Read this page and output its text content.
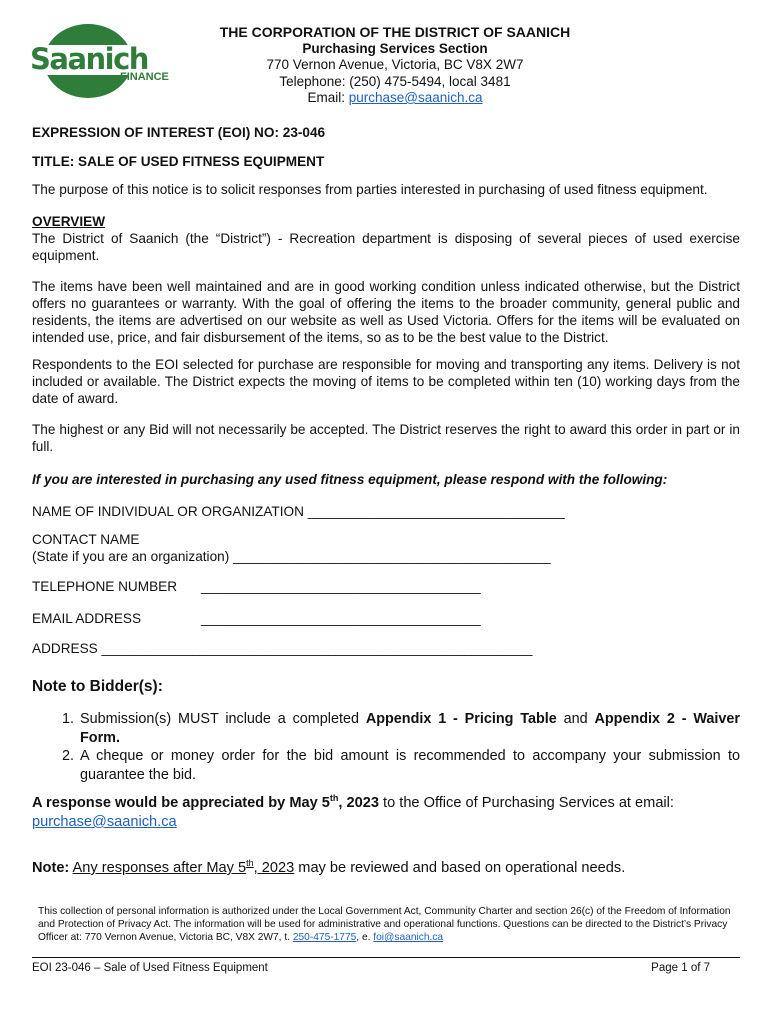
Saanich
FINANCE
THE CORPORATION OF THE DISTRICT OF SAANICH
Purchasing Services Section
770 Vernon Avenue, Victoria, BC V8X 2W7
Telephone: (250) 475-5494, local 3481
Email: purchase@saanich.ca
EXPRESSION OF INTEREST (EOI) NO: 23-046
TITLE: SALE OF USED FITNESS EQUIPMENT
The purpose of this notice is to solicit responses from parties interested in purchasing of used fitness equipment.
OVERVIEW
The District of Saanich (the “District”) - Recreation department is disposing of several pieces of used exercise equipment.
The items have been well maintained and are in good working condition unless indicated otherwise, but the District offers no guarantees or warranty. With the goal of offering the items to the broader community, general public and residents, the items are advertised on our website as well as Used Victoria. Offers for the items will be evaluated on intended use, price, and fair disbursement of the items, so as to be the best value to the District.
Respondents to the EOI selected for purchase are responsible for moving and transporting any items. Delivery is not included or available. The District expects the moving of items to be completed within ten (10) working days from the date of award.
The highest or any Bid will not necessarily be accepted. The District reserves the right to award this order in part or in full.
If you are interested in purchasing any used fitness equipment, please respond with the following:
NAME OF INDIVIDUAL OR ORGANIZATION __________________________________
CONTACT NAME
(State if you are an organization) __________________________________________
TELEPHONE NUMBER _____________________________________
EMAIL ADDRESS	_____________________________________
ADDRESS _________________________________________________________
Note to Bidder(s):
1. Submission(s) MUST include a completed Appendix 1 - Pricing Table and Appendix 2 - Waiver Form.
2. A cheque or money order for the bid amount is recommended to accompany your submission to guarantee the bid.
A response would be appreciated by May 5th, 2023 to the Office of Purchasing Services at email:
purchase@saanich.ca
Note: Any responses after May 5th, 2023 may be reviewed and based on operational needs.
This collection of personal information is authorized under the Local Government Act, Community Charter and section 26(c) of the Freedom of Information and Protection of Privacy Act. The information will be used for administrative and operational functions. Questions can be directed to the District’s Privacy Officer at: 770 Vernon Avenue, Victoria BC, V8X 2W7, t. 250-475-1775, e. foi@saanich.ca
EOI 23-046 – Sale of Used Fitness Equipment	Page 1 of 7
